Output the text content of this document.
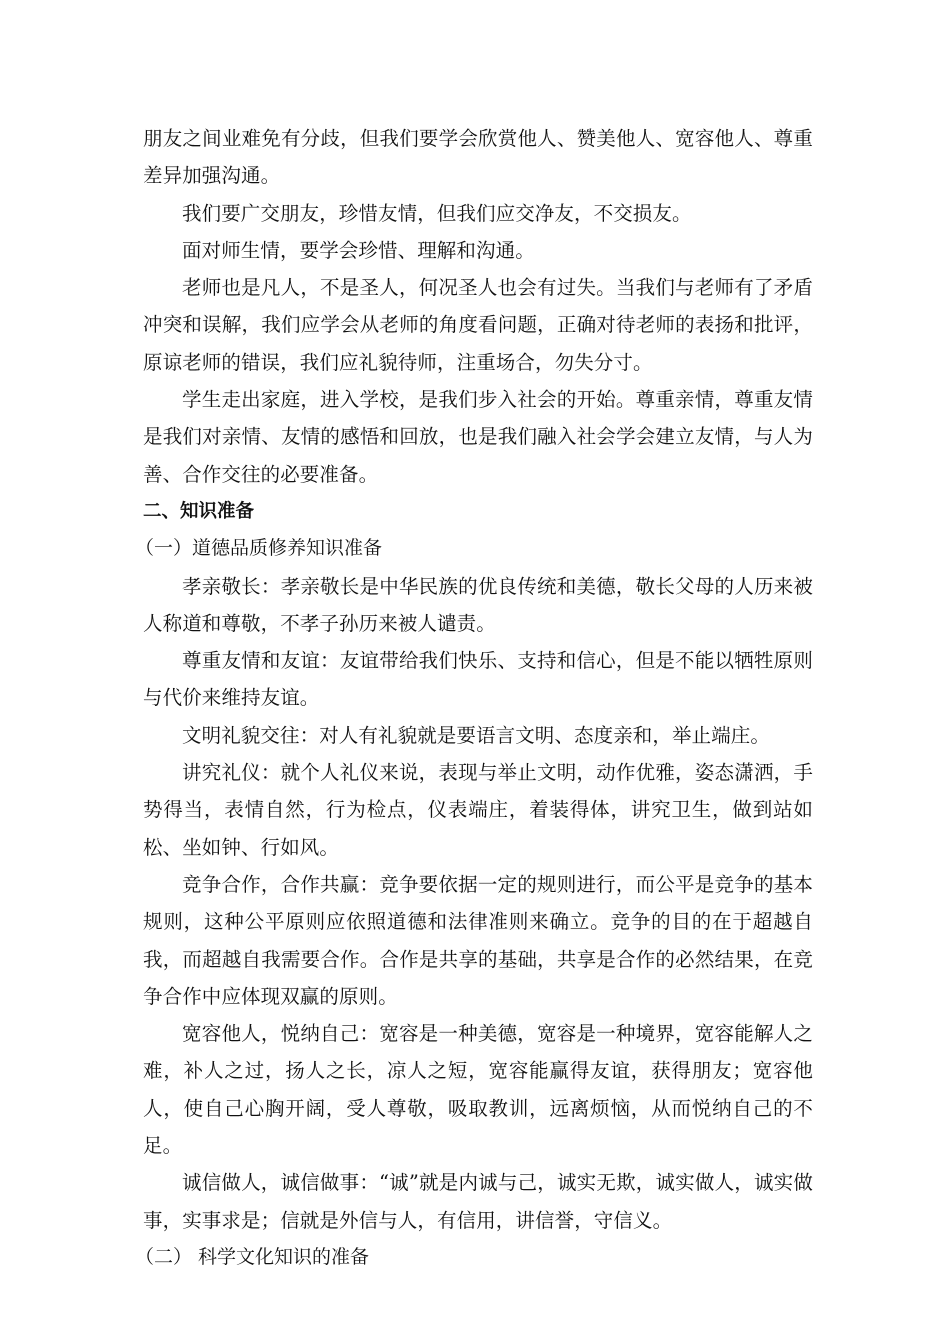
朋友之间业难免有分歧，但我们要学会欣赏他人、赞美他人、宽容他人、尊重差异加强沟通。

我们要广交朋友，珍惜友情，但我们应交净友，不交损友。

面对师生情，要学会珍惜、理解和沟通。

老师也是凡人，不是圣人，何况圣人也会有过失。当我们与老师有了矛盾冲突和误解，我们应学会从老师的角度看问题，正确对待老师的表扬和批评，原谅老师的错误，我们应礼貌待师，注重场合，勿失分寸。

学生走出家庭，进入学校，是我们步入社会的开始。尊重亲情，尊重友情是我们对亲情、友情的感悟和回放，也是我们融入社会学会建立友情，与人为善、合作交往的必要准备。

二、知识准备

（一）道德品质修养知识准备

孝亲敬长：孝亲敬长是中华民族的优良传统和美德，敬长父母的人历来被人称道和尊敬，不孝子孙历来被人谴责。

尊重友情和友谊：友谊带给我们快乐、支持和信心，但是不能以牺牲原则与代价来维持友谊。

文明礼貌交往：对人有礼貌就是要语言文明、态度亲和，举止端庄。

讲究礼仪：就个人礼仪来说，表现与举止文明，动作优雅，姿态潇洒，手势得当，表情自然，行为检点，仪表端庄，着装得体，讲究卫生，做到站如松、坐如钟、行如风。

竞争合作，合作共赢：竞争要依据一定的规则进行，而公平是竞争的基本规则，这种公平原则应依照道德和法律准则来确立。竞争的目的在于超越自我，而超越自我需要合作。合作是共享的基础，共享是合作的必然结果，在竞争合作中应体现双赢的原则。

宽容他人，悦纳自己：宽容是一种美德，宽容是一种境界，宽容能解人之难，补人之过，扬人之长，凉人之短，宽容能赢得友谊，获得朋友；宽容他人，使自己心胸开阔，受人尊敬，吸取教训，远离烦恼，从而悦纳自己的不足。

诚信做人，诚信做事：“诚”就是内诚与己，诚实无欺，诚实做人，诚实做事，实事求是；信就是外信与人，有信用，讲信誉，守信义。

（二） 科学文化知识的准备
